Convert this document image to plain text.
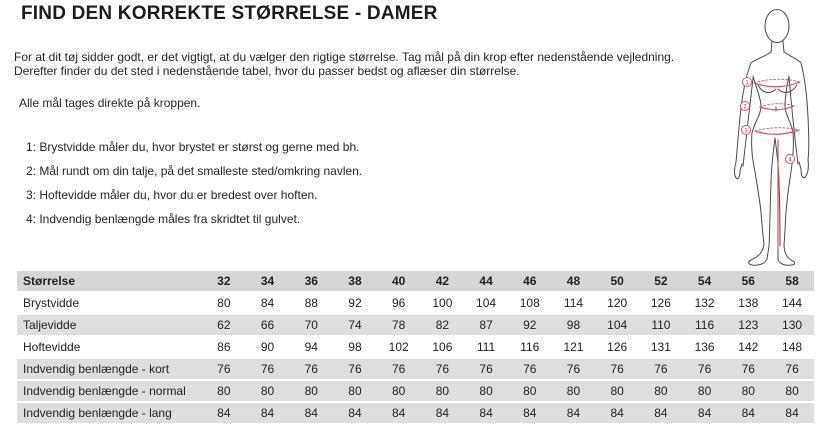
FIND DEN KORREKTE STØRRELSE - DAMER
For at dit tøj sidder godt, er det vigtigt, at du vælger den rigtige størrelse. Tag mål på din krop efter nedenstående vejledning.
Derefter finder du det sted i nedenstående tabel, hvor du passer bedst og aflæser din størrelse.
Alle mål tages direkte på kroppen.
1: Brystvidde måler du, hvor brystet er størst og gerne med bh.
2: Mål rundt om din talje, på det smalleste sted/omkring navlen.
3: Hoftevidde måler du, hvor du er bredest over hoften.
4: Indvendig benlængde måles fra skridtet til gulvet.
1
2
3
4
Størrelse	32	34	36	38	40	42	44	46	48	50	52	54	56	58
Brystvidde	80	84	88	92	96	100	104	108	114	120	126	132	138	144
Taljevidde	62	66	70	74	78	82	87	92	98	104	110	116	123	130
Hoftevidde	86	90	94	98	102	106	111	116	121	126	131	136	142	148
Indvendig benlængde - kort	76	76	76	76	76	76	76	76	76	76	76	76	76	76
Indvendig benlængde - normal	80	80	80	80	80	80	80	80	80	80	80	80	80	80
Indvendig benlængde - lang	84	84	84	84	84	84	84	84	84	84	84	84	84	84
